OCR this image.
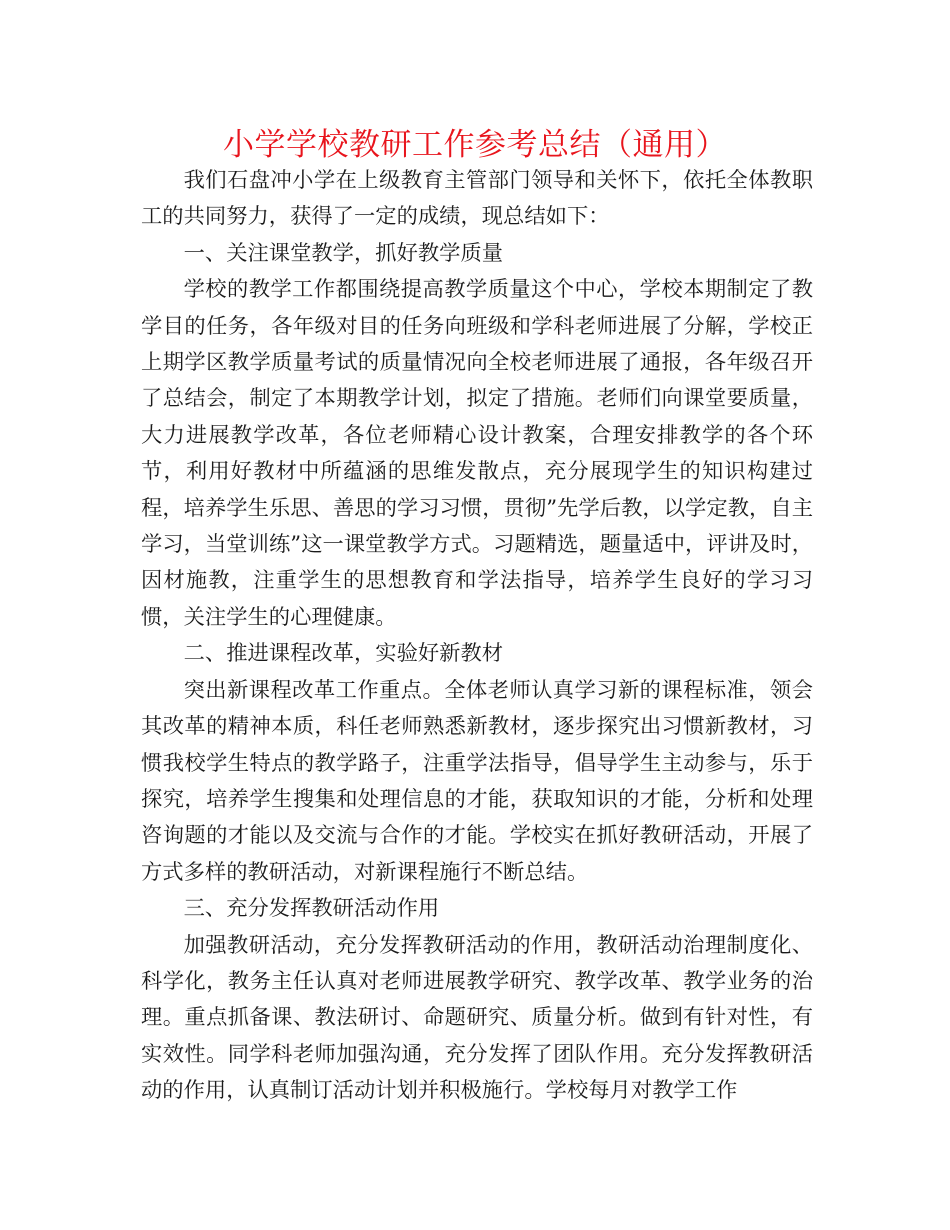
小学学校教研工作参考总结（通用）

我们石盘冲小学在上级教育主管部门领导和关怀下，依托全体教职工的共同努力，获得了一定的成绩，现总结如下：

一、关注课堂教学，抓好教学质量

学校的教学工作都围绕提高教学质量这个中心，学校本期制定了教学目的任务，各年级对目的任务向班级和学科老师进展了分解，学校正上期学区教学质量考试的质量情况向全校老师进展了通报，各年级召开了总结会，制定了本期教学计划，拟定了措施。老师们向课堂要质量，大力进展教学改革，各位老师精心设计教案，合理安排教学的各个环节，利用好教材中所蕴涵的思维发散点，充分展现学生的知识构建过程，培养学生乐思、善思的学习习惯，贯彻”先学后教，以学定教，自主学习，当堂训练”这一课堂教学方式。习题精选，题量适中，评讲及时，因材施教，注重学生的思想教育和学法指导，培养学生良好的学习习惯，关注学生的心理健康。

二、推进课程改革，实验好新教材

突出新课程改革工作重点。全体老师认真学习新的课程标准，领会其改革的精神本质，科任老师熟悉新教材，逐步探究出习惯新教材，习惯我校学生特点的教学路子，注重学法指导，倡导学生主动参与，乐于探究，培养学生搜集和处理信息的才能，获取知识的才能，分析和处理咨询题的才能以及交流与合作的才能。学校实在抓好教研活动，开展了方式多样的教研活动，对新课程施行不断总结。

三、充分发挥教研活动作用

加强教研活动，充分发挥教研活动的作用，教研活动治理制度化、科学化，教务主任认真对老师进展教学研究、教学改革、教学业务的治理。重点抓备课、教法研讨、命题研究、质量分析。做到有针对性，有实效性。同学科老师加强沟通，充分发挥了团队作用。充分发挥教研活动的作用，认真制订活动计划并积极施行。学校每月对教学工作
